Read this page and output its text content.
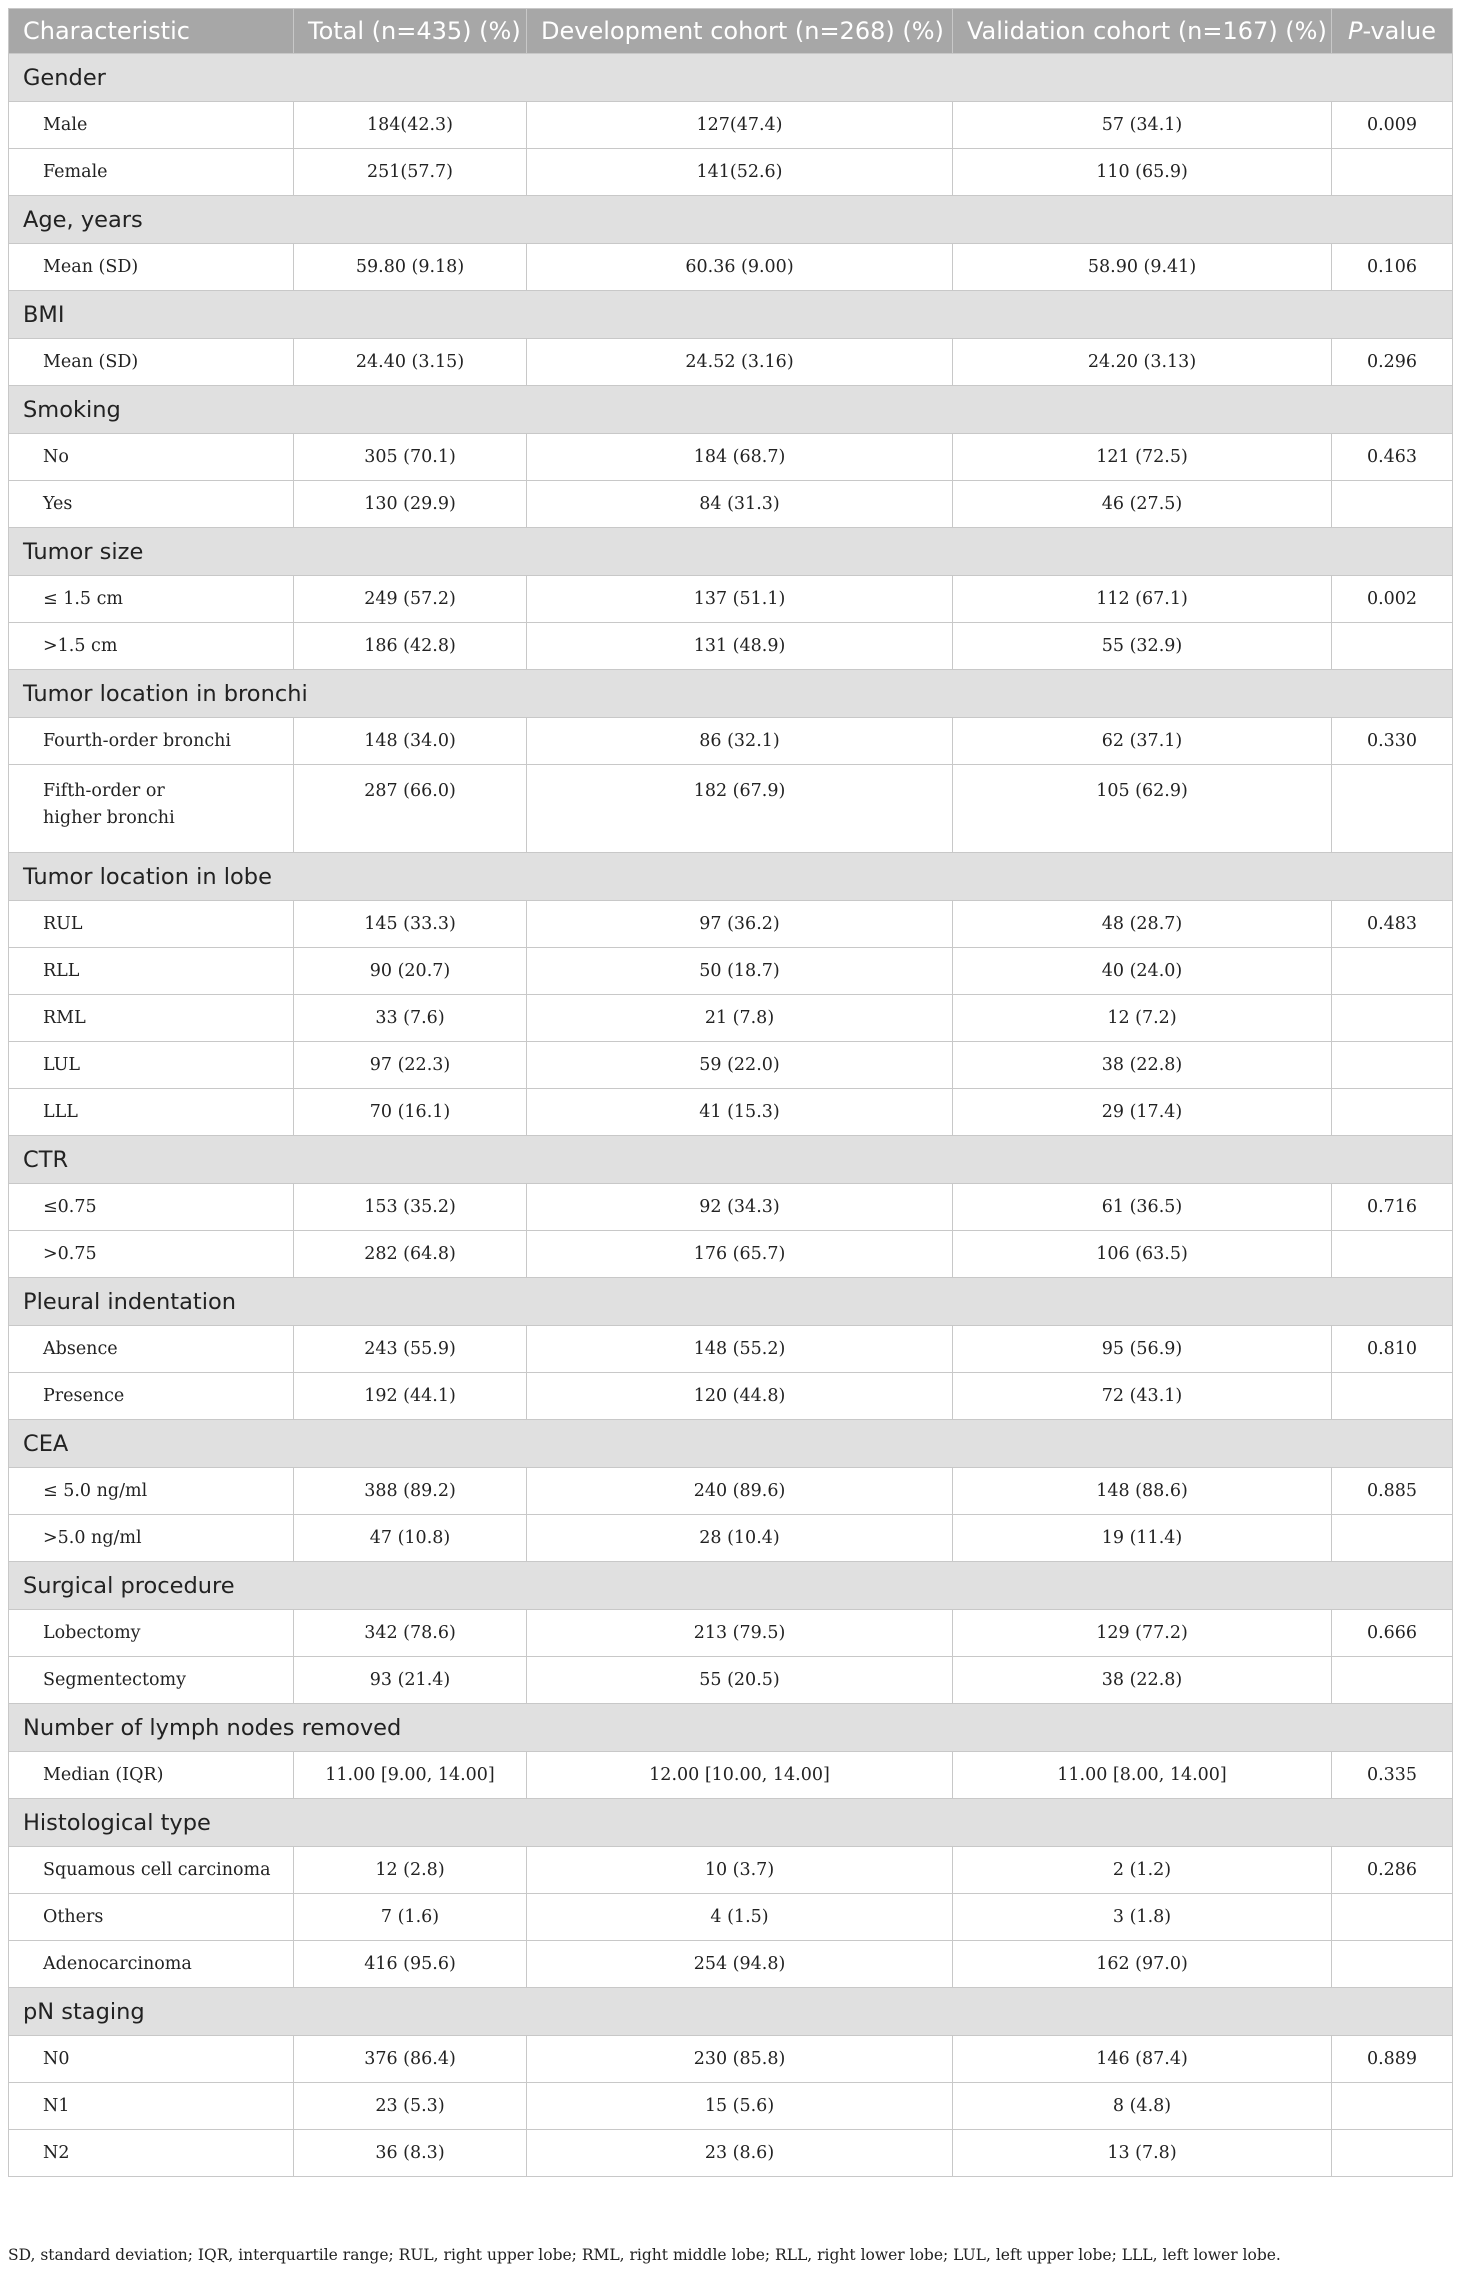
Characteristic	Total (n=435) (%)	Development cohort (n=268) (%)	Validation cohort (n=167) (%)	P-value
Gender				
Male	184(42.3)	127(47.4)	57 (34.1)	0.009
Female	251(57.7)	141(52.6)	110 (65.9)	
Age, years				
Mean (SD)	59.80 (9.18)	60.36 (9.00)	58.90 (9.41)	0.106
BMI				
Mean (SD)	24.40 (3.15)	24.52 (3.16)	24.20 (3.13)	0.296
Smoking				
No	305 (70.1)	184 (68.7)	121 (72.5)	0.463
Yes	130 (29.9)	84 (31.3)	46 (27.5)	
Tumor size				
≤ 1.5 cm	249 (57.2)	137 (51.1)	112 (67.1)	0.002
>1.5 cm	186 (42.8)	131 (48.9)	55 (32.9)	
Tumor location in bronchi				
Fourth-order bronchi	148 (34.0)	86 (32.1)	62 (37.1)	0.330
Fifth-order or
higher bronchi	287 (66.0)	182 (67.9)	105 (62.9)	
Tumor location in lobe				
RUL	145 (33.3)	97 (36.2)	48 (28.7)	0.483
RLL	90 (20.7)	50 (18.7)	40 (24.0)	
RML	33 (7.6)	21 (7.8)	12 (7.2)	
LUL	97 (22.3)	59 (22.0)	38 (22.8)	
LLL	70 (16.1)	41 (15.3)	29 (17.4)	
CTR				
≤0.75	153 (35.2)	92 (34.3)	61 (36.5)	0.716
>0.75	282 (64.8)	176 (65.7)	106 (63.5)	
Pleural indentation				
Absence	243 (55.9)	148 (55.2)	95 (56.9)	0.810
Presence	192 (44.1)	120 (44.8)	72 (43.1)	
CEA				
≤ 5.0 ng/ml	388 (89.2)	240 (89.6)	148 (88.6)	0.885
>5.0 ng/ml	47 (10.8)	28 (10.4)	19 (11.4)	
Surgical procedure				
Lobectomy	342 (78.6)	213 (79.5)	129 (77.2)	0.666
Segmentectomy	93 (21.4)	55 (20.5)	38 (22.8)	
Number of lymph nodes removed				
Median (IQR)	11.00 [9.00, 14.00]	12.00 [10.00, 14.00]	11.00 [8.00, 14.00]	0.335
Histological type				
Squamous cell carcinoma	12 (2.8)	10 (3.7)	2 (1.2)	0.286
Others	7 (1.6)	4 (1.5)	3 (1.8)	
Adenocarcinoma	416 (95.6)	254 (94.8)	162 (97.0)	
pN staging				
N0	376 (86.4)	230 (85.8)	146 (87.4)	0.889
N1	23 (5.3)	15 (5.6)	8 (4.8)	
N2	36 (8.3)	23 (8.6)	13 (7.8)	
SD, standard deviation; IQR, interquartile range; RUL, right upper lobe; RML, right middle lobe; RLL, right lower lobe; LUL, left upper lobe; LLL, left lower lobe.
